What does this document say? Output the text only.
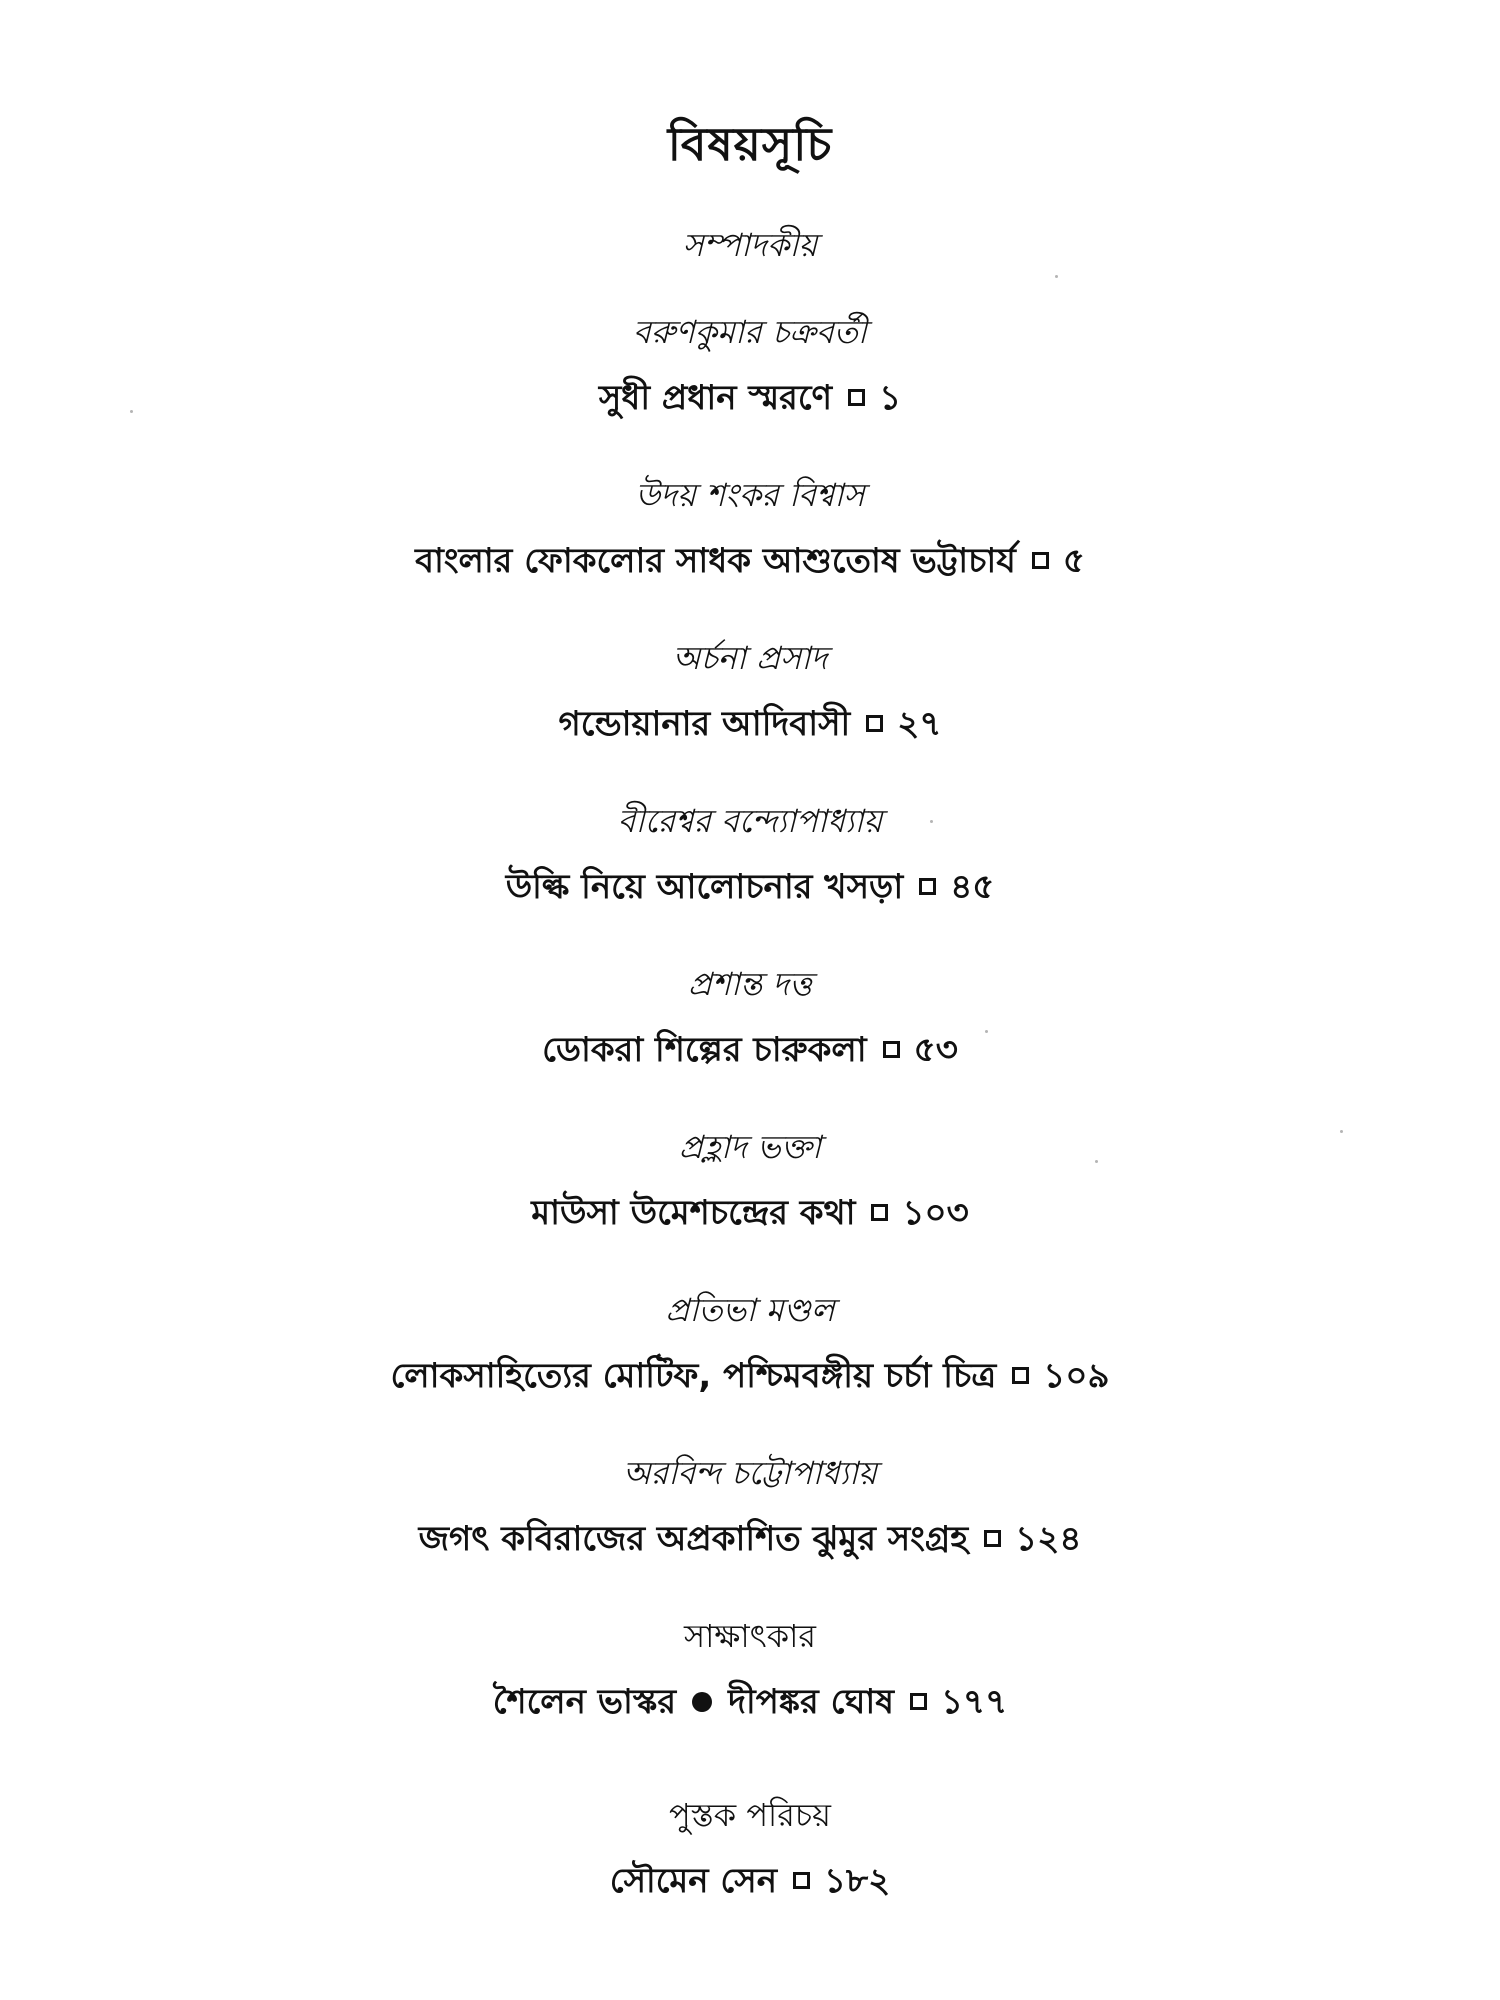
বিষয়সূচি
সম্পাদকীয়
বরুণকুমার চক্রবর্তী
সুধী প্রধান স্মরণে ১
উদয় শংকর বিশ্বাস
বাংলার ফোকলোর সাধক আশুতোষ ভট্টাচার্য ৫
অর্চনা প্রসাদ
গন্ডোয়ানার আদিবাসী ২৭
বীরেশ্বর বন্দ্যোপাধ্যায়
উল্কি নিয়ে আলোচনার খসড়া ৪৫
প্রশান্ত দত্ত
ডোকরা শিল্পের চারুকলা ৫৩
প্রহ্লাদ ভক্তা
মাউসা উমেশচন্দ্রের কথা ১০৩
প্রতিভা মণ্ডল
লোকসাহিত্যের মোটিফ, পশ্চিমবঙ্গীয় চর্চা চিত্র ১০৯
অরবিন্দ চট্টোপাধ্যায়
জগৎ কবিরাজের অপ্রকাশিত ঝুমুর সংগ্রহ ১২৪
সাক্ষাৎকার
শৈলেন ভাস্কর দীপঙ্কর ঘোষ ১৭৭
পুস্তক পরিচয়
সৌমেন সেন ১৮২
